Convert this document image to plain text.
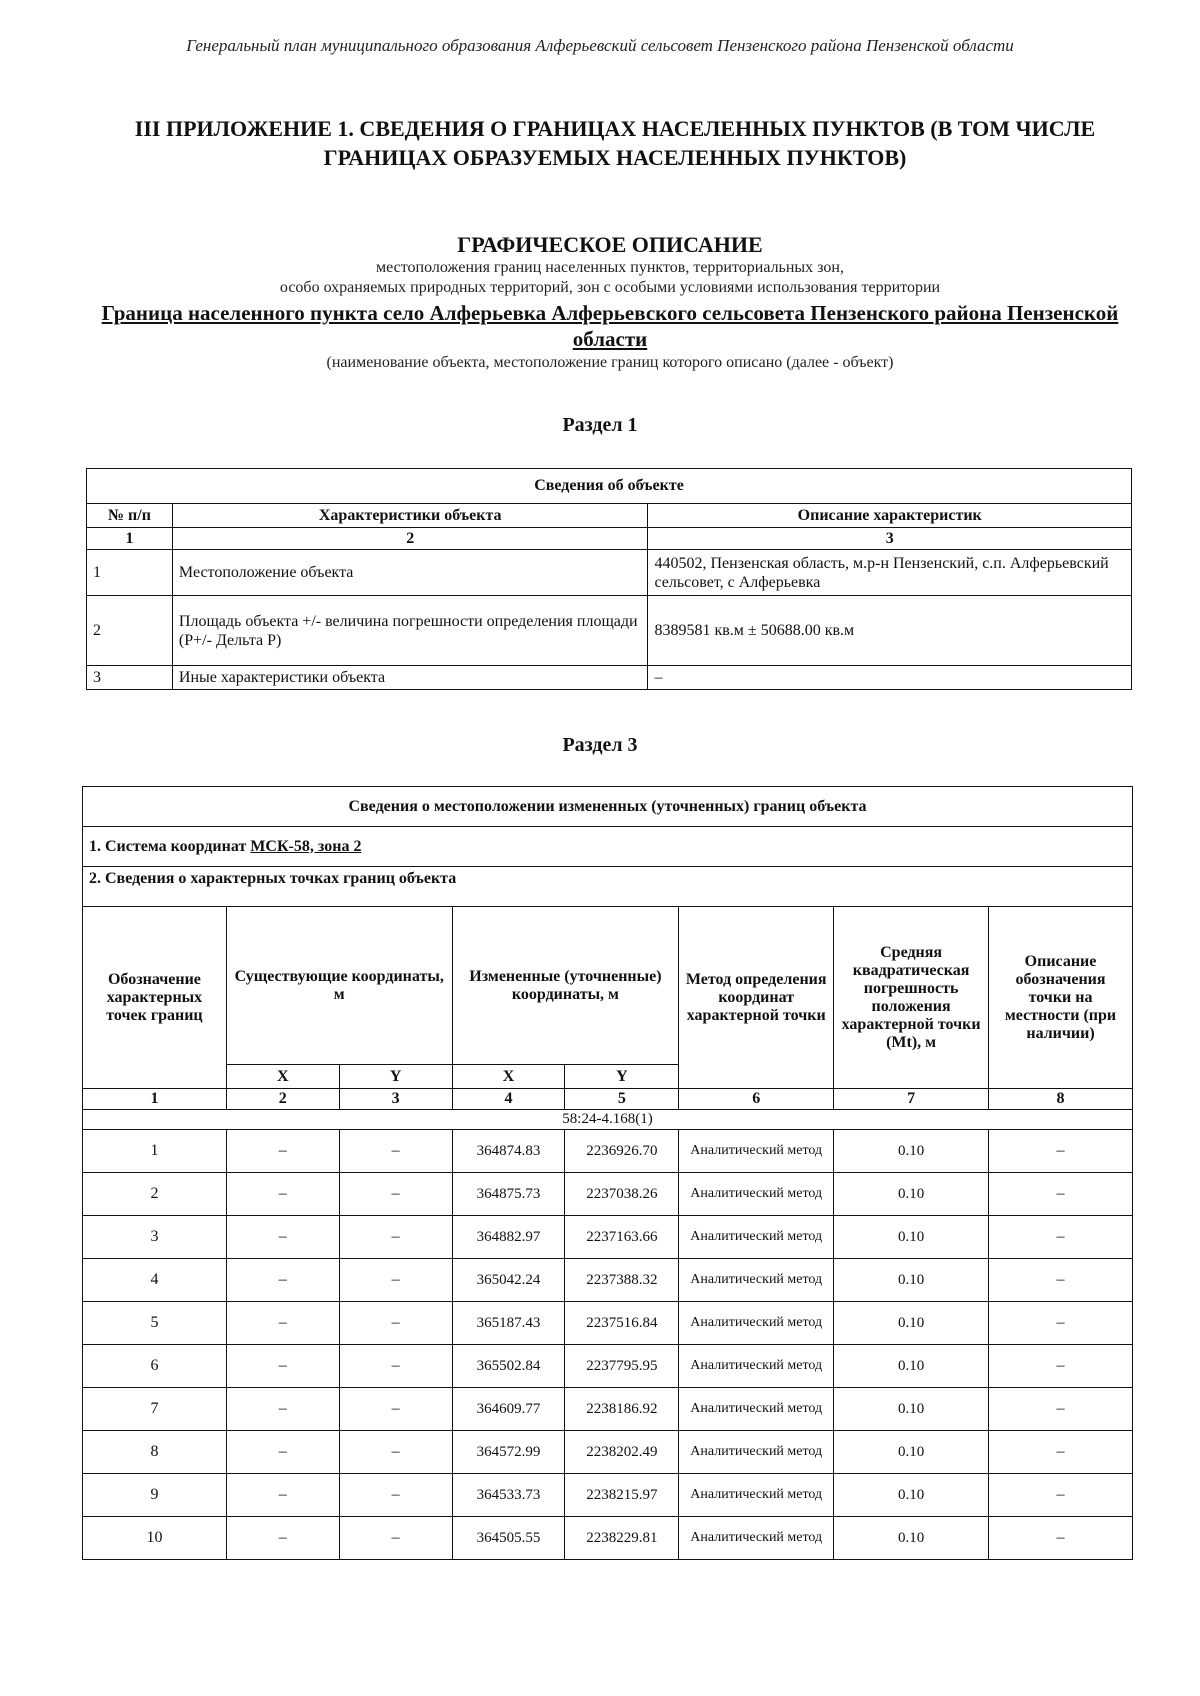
Генеральный план муниципального образования Алферьевский сельсовет Пензенского района Пензенской области
III ПРИЛОЖЕНИЕ 1. СВЕДЕНИЯ О ГРАНИЦАХ НАСЕЛЕННЫХ ПУНКТОВ (В ТОМ ЧИСЛЕ ГРАНИЦАХ ОБРАЗУЕМЫХ НАСЕЛЕННЫХ ПУНКТОВ)
ГРАФИЧЕСКОЕ ОПИСАНИЕ
местоположения границ населенных пунктов, территориальных зон,
особо охраняемых природных территорий, зон с особыми условиями использования территории
Граница населенного пункта село Алферьевка Алферьевского сельсовета Пензенского района Пензенской области
(наименование объекта, местоположение границ которого описано (далее - объект)
Раздел 1
Сведения об объекте		
№ п/п	Характеристики объекта	Описание характеристик
1	2	3
1	Местоположение объекта	440502, Пензенская область, м.р-н Пензенский, с.п. Алферьевский сельсовет, с Алферьевка
2	Площадь объекта +/- величина погрешности определения площади (Р+/- Дельта Р)	8389581 кв.м ± 50688.00 кв.м
3	Иные характеристики объекта	–
Раздел 3
Сведения о местоположении измененных (уточненных) границ объекта							
1. Система координат МСК-58, зона 2							
2. Сведения о характерных точках границ объекта							
Обозначение характерных точек границ	Существующие координаты, м		Измененные (уточненные) координаты, м		Метод определения координат характерной точки	Средняя квадратическая погрешность положения характерной точки (Mt), м	Описание обозначения точки на местности (при наличии)
	X	Y	X	Y			
1	2	3	4	5	6	7	8
58:24-4.168(1)							
1	–	–	364874.83	2236926.70	Аналитический метод	0.10	–
2	–	–	364875.73	2237038.26	Аналитический метод	0.10	–
3	–	–	364882.97	2237163.66	Аналитический метод	0.10	–
4	–	–	365042.24	2237388.32	Аналитический метод	0.10	–
5	–	–	365187.43	2237516.84	Аналитический метод	0.10	–
6	–	–	365502.84	2237795.95	Аналитический метод	0.10	–
7	–	–	364609.77	2238186.92	Аналитический метод	0.10	–
8	–	–	364572.99	2238202.49	Аналитический метод	0.10	–
9	–	–	364533.73	2238215.97	Аналитический метод	0.10	–
10	–	–	364505.55	2238229.81	Аналитический метод	0.10	–
